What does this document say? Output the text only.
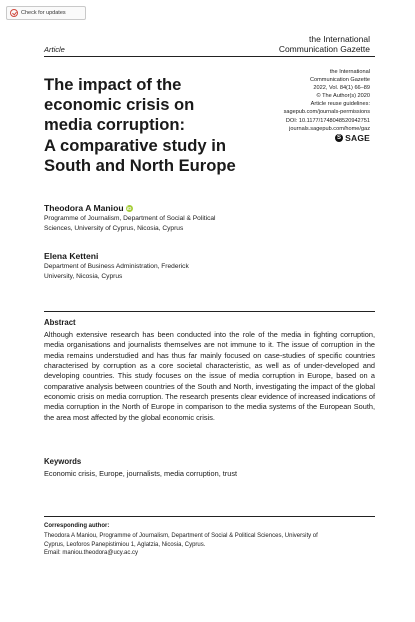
Check for updates
Article
the International
Communication Gazette
the International
Communication Gazette
2022, Vol. 84(1) 66–89
© The Author(s) 2020
Article reuse guidelines:
sagepub.com/journals-permissions
DOI: 10.1177/1748048520942751
journals.sagepub.com/home/gaz
S SAGE
The impact of the
economic crisis on
media corruption:
A comparative study in
South and North Europe
Theodora A Maniou iD
Programme of Journalism, Department of Social & Political
Sciences, University of Cyprus, Nicosia, Cyprus
Elena Ketteni
Department of Business Administration, Frederick
University, Nicosia, Cyprus
Abstract
Although extensive research has been conducted into the role of the media in fighting corruption, media organisations and journalists themselves are not immune to it. The issue of corruption in the media remains understudied and has thus far mainly focused on case-studies of specific countries characterised by corruption as a core societal characteristic, as well as of under-developed and developing countries. This study focuses on the issue of media corruption in Europe, based on a comparative analysis between countries of the South and North, investigating the impact of the global economic crisis on media corruption. The research presents clear evidence of increased indications of media corruption in the North of Europe in comparison to the media systems of the European South, the area most affected by the global economic crisis.
Keywords
Economic crisis, Europe, journalists, media corruption, trust
Corresponding author:
Theodora A Maniou, Programme of Journalism, Department of Social & Political Sciences, University of
Cyprus, Leoforos Panepistimiou 1, Aglatzia, Nicosia, Cyprus.
Email: maniou.theodora@ucy.ac.cy
